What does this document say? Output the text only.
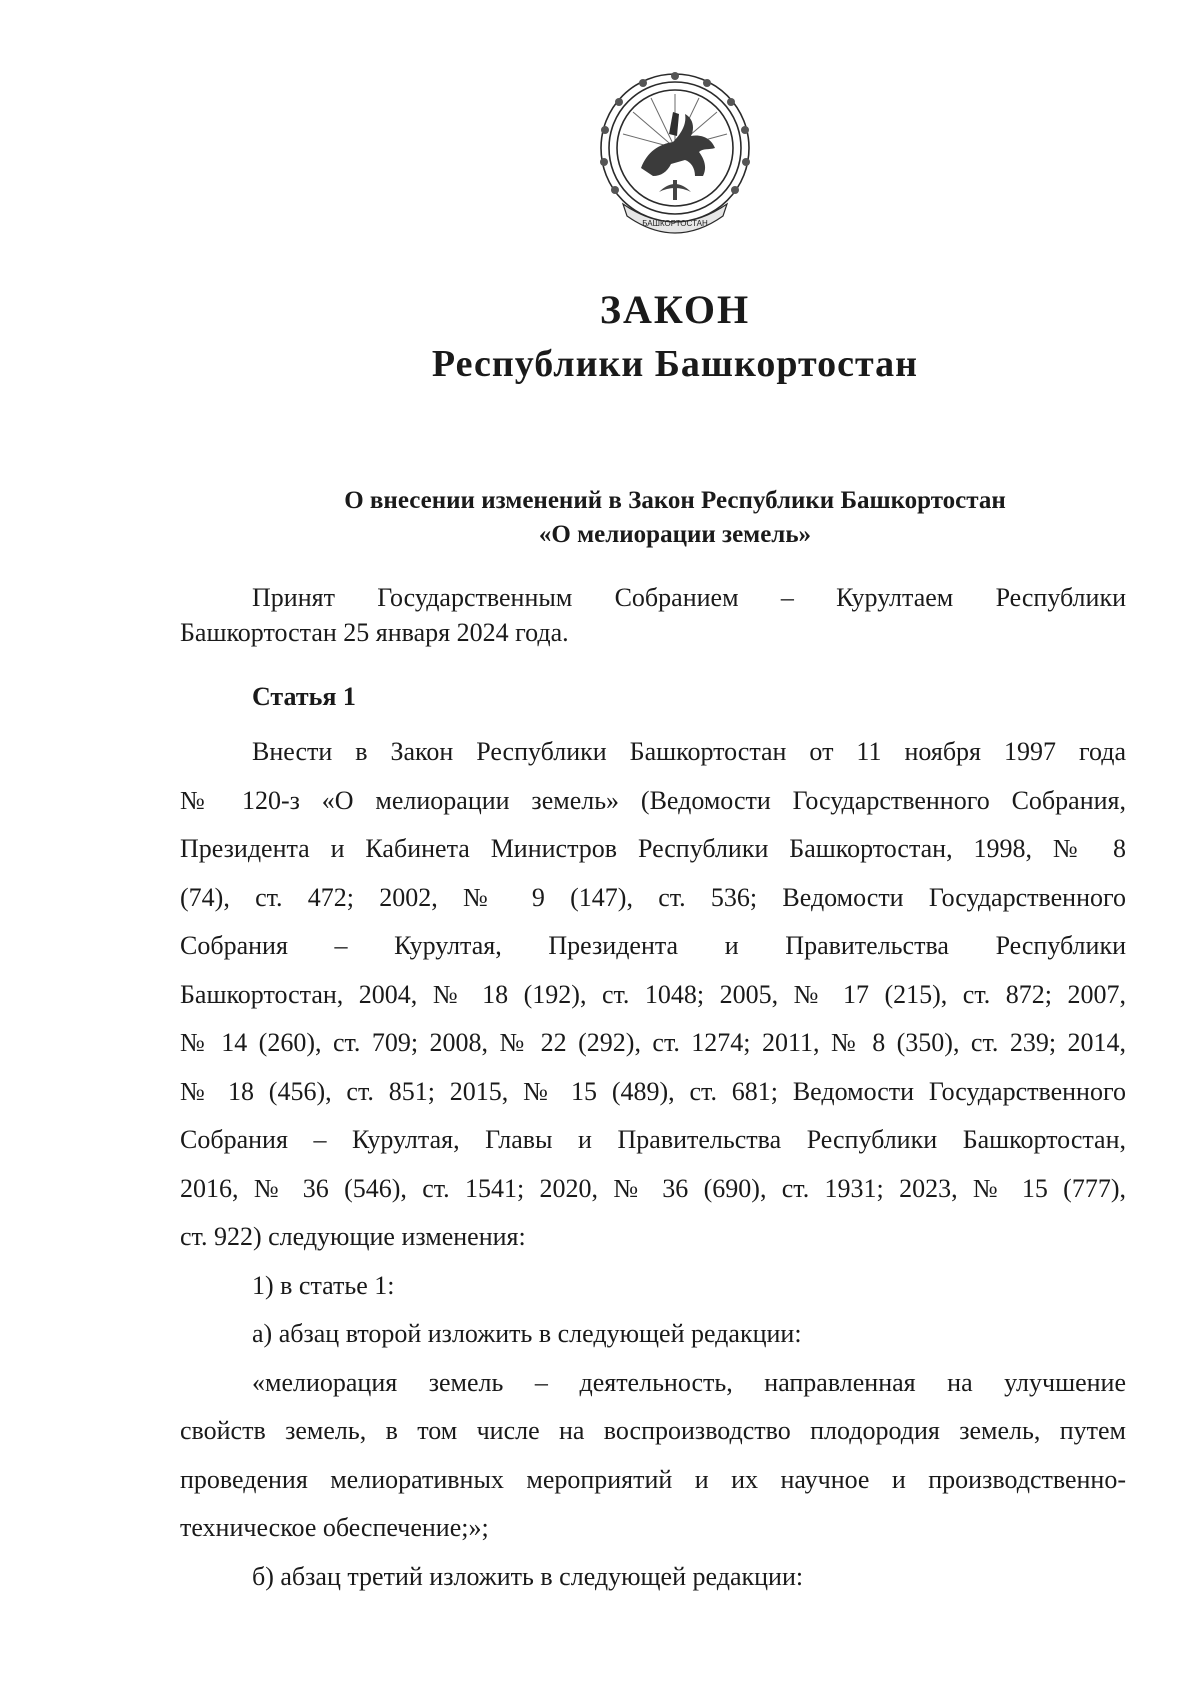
БАШКОРТОСТАН
ЗАКОН
Республики Башкортостан
О внесении изменений в Закон Республики Башкортостан
«О мелиорации земель»

Принят Государственным Собранием – Курултаем Республики

Башкортостан 25 января 2024 года.

Статья 1

Внести в Закон Республики Башкортостан от 11 ноября 1997 года

№ 120-з «О мелиорации земель» (Ведомости Государственного Собрания,

Президента и Кабинета Министров Республики Башкортостан, 1998, № 8

(74), ст. 472; 2002, № 9 (147), ст. 536; Ведомости Государственного

Собрания – Курултая, Президента и Правительства Республики

Башкортостан, 2004, № 18 (192), ст. 1048; 2005, № 17 (215), ст. 872; 2007,

№ 14 (260), ст. 709; 2008, № 22 (292), ст. 1274; 2011, № 8 (350), ст. 239; 2014,

№ 18 (456), ст. 851; 2015, № 15 (489), ст. 681; Ведомости Государственного

Собрания – Курултая, Главы и Правительства Республики Башкортостан,

2016, № 36 (546), ст. 1541; 2020, № 36 (690), ст. 1931; 2023, № 15 (777),

ст. 922) следующие изменения:

1) в статье 1:

а) абзац второй изложить в следующей редакции:

«мелиорация земель – деятельность, направленная на улучшение

свойств земель, в том числе на воспроизводство плодородия земель, путем

проведения мелиоративных мероприятий и их научное и производственно-

техническое обеспечение;»;

б) абзац третий изложить в следующей редакции:
